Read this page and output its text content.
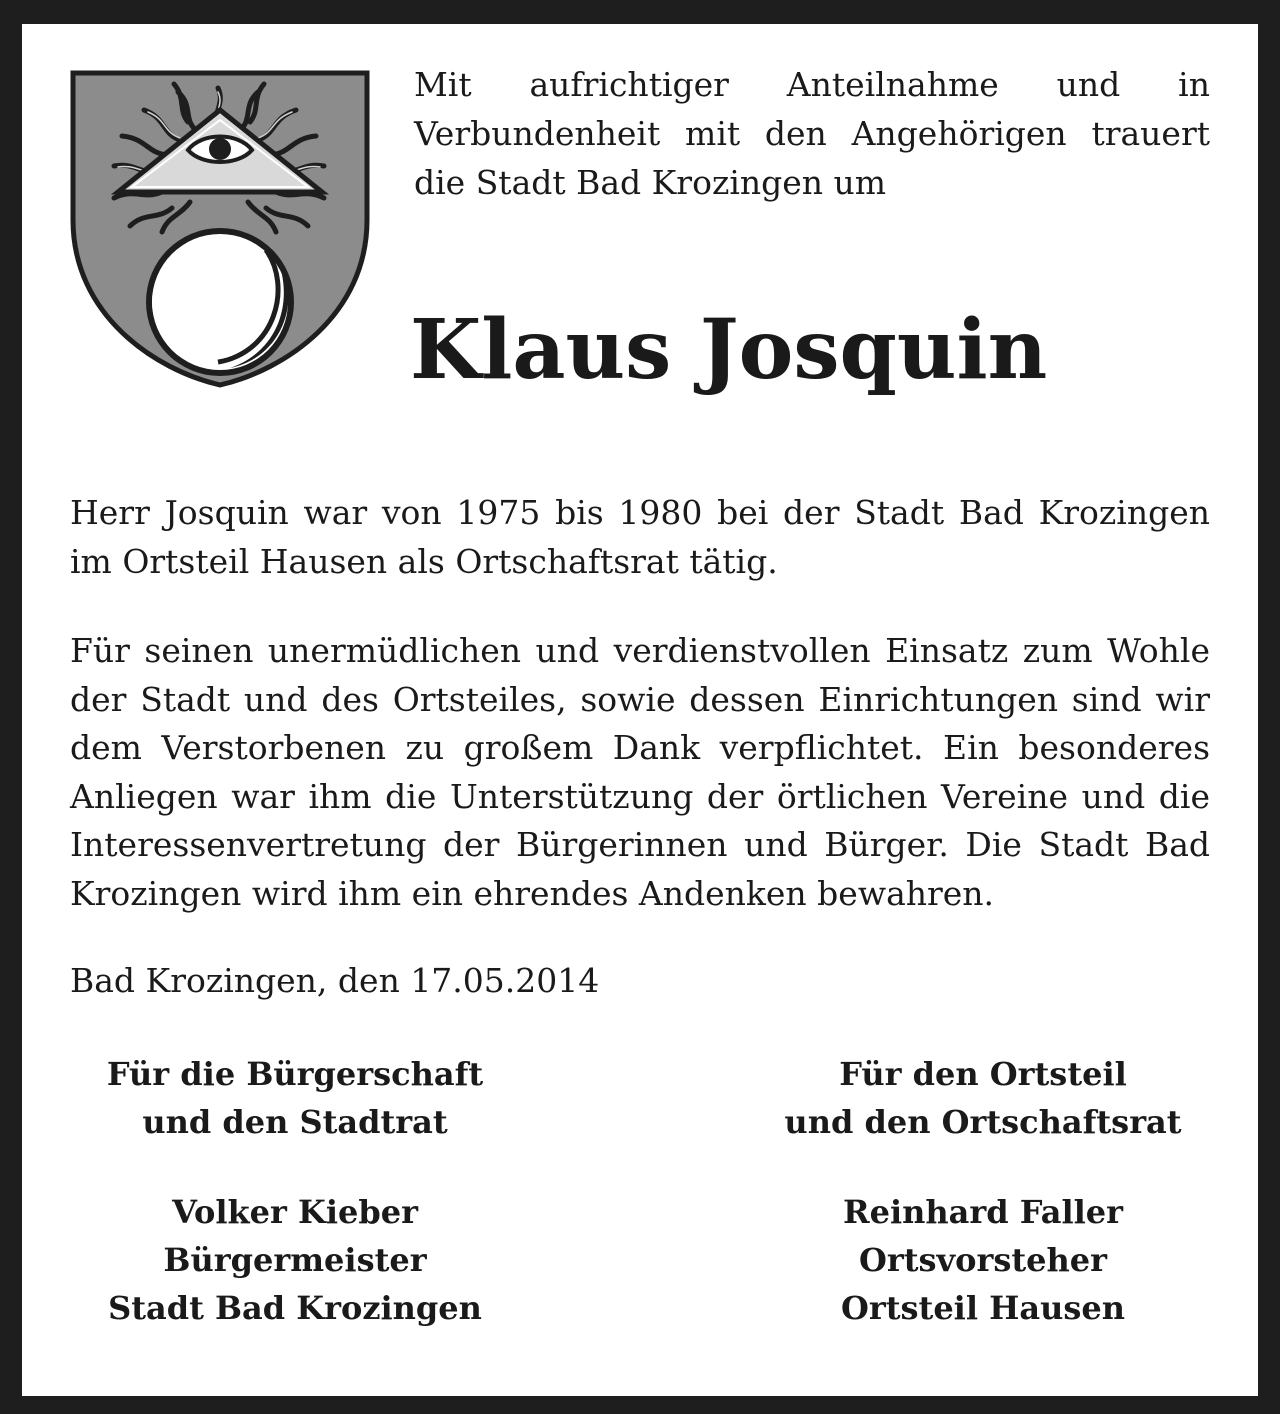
Mit aufrichtiger Anteilnahme und in Verbundenheit mit den Angehörigen trauert die Stadt Bad Krozingen um
Klaus Josquin
Herr Josquin war von 1975 bis 1980 bei der Stadt Bad Krozingen im Ortsteil Hausen als Ortschaftsrat tätig.
Für seinen unermüdlichen und verdienstvollen Einsatz zum Wohle der Stadt und des Ortsteiles, sowie dessen Einrichtungen sind wir dem Verstorbenen zu großem Dank verpflichtet. Ein besonderes Anliegen war ihm die Unterstützung der örtlichen Vereine und die Interessenvertretung der Bürgerinnen und Bürger. Die Stadt Bad Krozingen wird ihm ein ehrendes Andenken bewahren.
Bad Krozingen, den 17.05.2014
Für die Bürgerschaft
und den Stadtrat
Volker Kieber
Bürgermeister
Stadt Bad Krozingen
Für den Ortsteil
und den Ortschaftsrat
Reinhard Faller
Ortsvorsteher
Ortsteil Hausen
